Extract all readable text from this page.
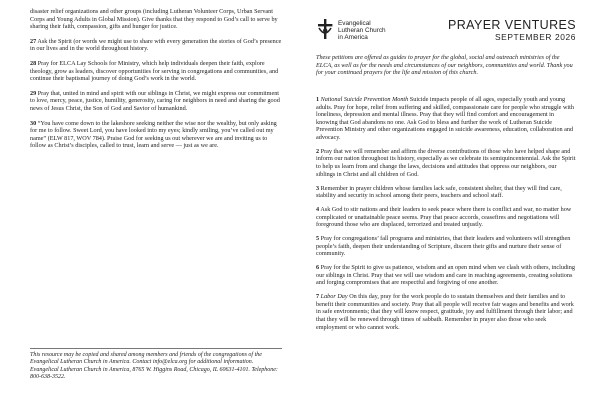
disaster relief organizations and other groups (including Lutheran Volunteer Corps, Urban Servant Corps and Young Adults in Global Mission). Give thanks that they respond to God’s call to serve by sharing their faith, compassion, gifts and hunger for justice.

27 Ask the Spirit (or words we might use to share with every generation the stories of God’s presence in our lives and in the world throughout history.

28 Pray for ELCA Lay Schools for Ministry, which help individuals deepen their faith, explore theology, grow as leaders, discover opportunities for serving in congregations and communities, and continue their baptismal journey of doing God’s work in the world.

29 Pray that, united in mind and spirit with our siblings in Christ, we might express our commitment to love, mercy, peace, justice, humility, generosity, caring for neighbors in need and sharing the good news of Jesus Christ, the Son of God and Savior of humankind.

30 “You have come down to the lakeshore seeking neither the wise nor the wealthy, but only asking for me to follow. Sweet Lord, you have looked into my eyes; kindly smiling, you’ve called out my name” (ELW 817, WOV 784). Praise God for seeking us out wherever we are and inviting us to follow as Christ’s disciples, called to trust, learn and serve — just as we are.

This resource may be copied and shared among members and friends of the congregations of the Evangelical Lutheran Church in America. Contact info@elca.org for additional information. Evangelical Lutheran Church in America, 8765 W. Higgins Road, Chicago, IL 60631-4101. Telephone: 800-638-3522.

Evangelical
Lutheran Church
in America
PRAYER VENTURES
SEPTEMBER 2026

These petitions are offered as guides to prayer for the global, social and outreach ministries of the ELCA, as well as for the needs and circumstances of our neighbors, communities and world. Thank you for your continued prayers for the life and mission of this church.

1 National Suicide Prevention Month Suicide impacts people of all ages, especially youth and young adults. Pray for hope, relief from suffering and skilled, compassionate care for people who struggle with loneliness, depression and mental illness. Pray that they will find comfort and encouragement in knowing that God abandons no one. Ask God to bless and further the work of Lutheran Suicide Prevention Ministry and other organizations engaged in suicide awareness, education, collaboration and advocacy.

2 Pray that we will remember and affirm the diverse contributions of those who have helped shape and inform our nation throughout its history, especially as we celebrate its semiquincentennial. Ask the Spirit to help us learn from and change the laws, decisions and attitudes that oppress our neighbors, our siblings in Christ and all children of God.

3 Remember in prayer children whose families lack safe, consistent shelter, that they will find care, stability and security in school among their peers, teachers and school staff.

4 Ask God to stir nations and their leaders to seek peace where there is conflict and war, no matter how complicated or unattainable peace seems. Pray that peace accords, ceasefires and negotiations will foreground those who are displaced, terrorized and treated unjustly.

5 Pray for congregations’ fall programs and ministries, that their leaders and volunteers will strengthen people’s faith, deepen their understanding of Scripture, discern their gifts and nurture their sense of community.

6 Pray for the Spirit to give us patience, wisdom and an open mind when we clash with others, including our siblings in Christ. Pray that we will use wisdom and care in reaching agreements, creating solutions and forging compromises that are respectful and forgiving of one another.

7 Labor Day On this day, pray for the work people do to sustain themselves and their families and to benefit their communities and society. Pray that all people will receive fair wages and benefits and work in safe environments; that they will know respect, gratitude, joy and fulfillment through their labor; and that they will be renewed through times of sabbath. Remember in prayer also those who seek employment or who cannot work.
